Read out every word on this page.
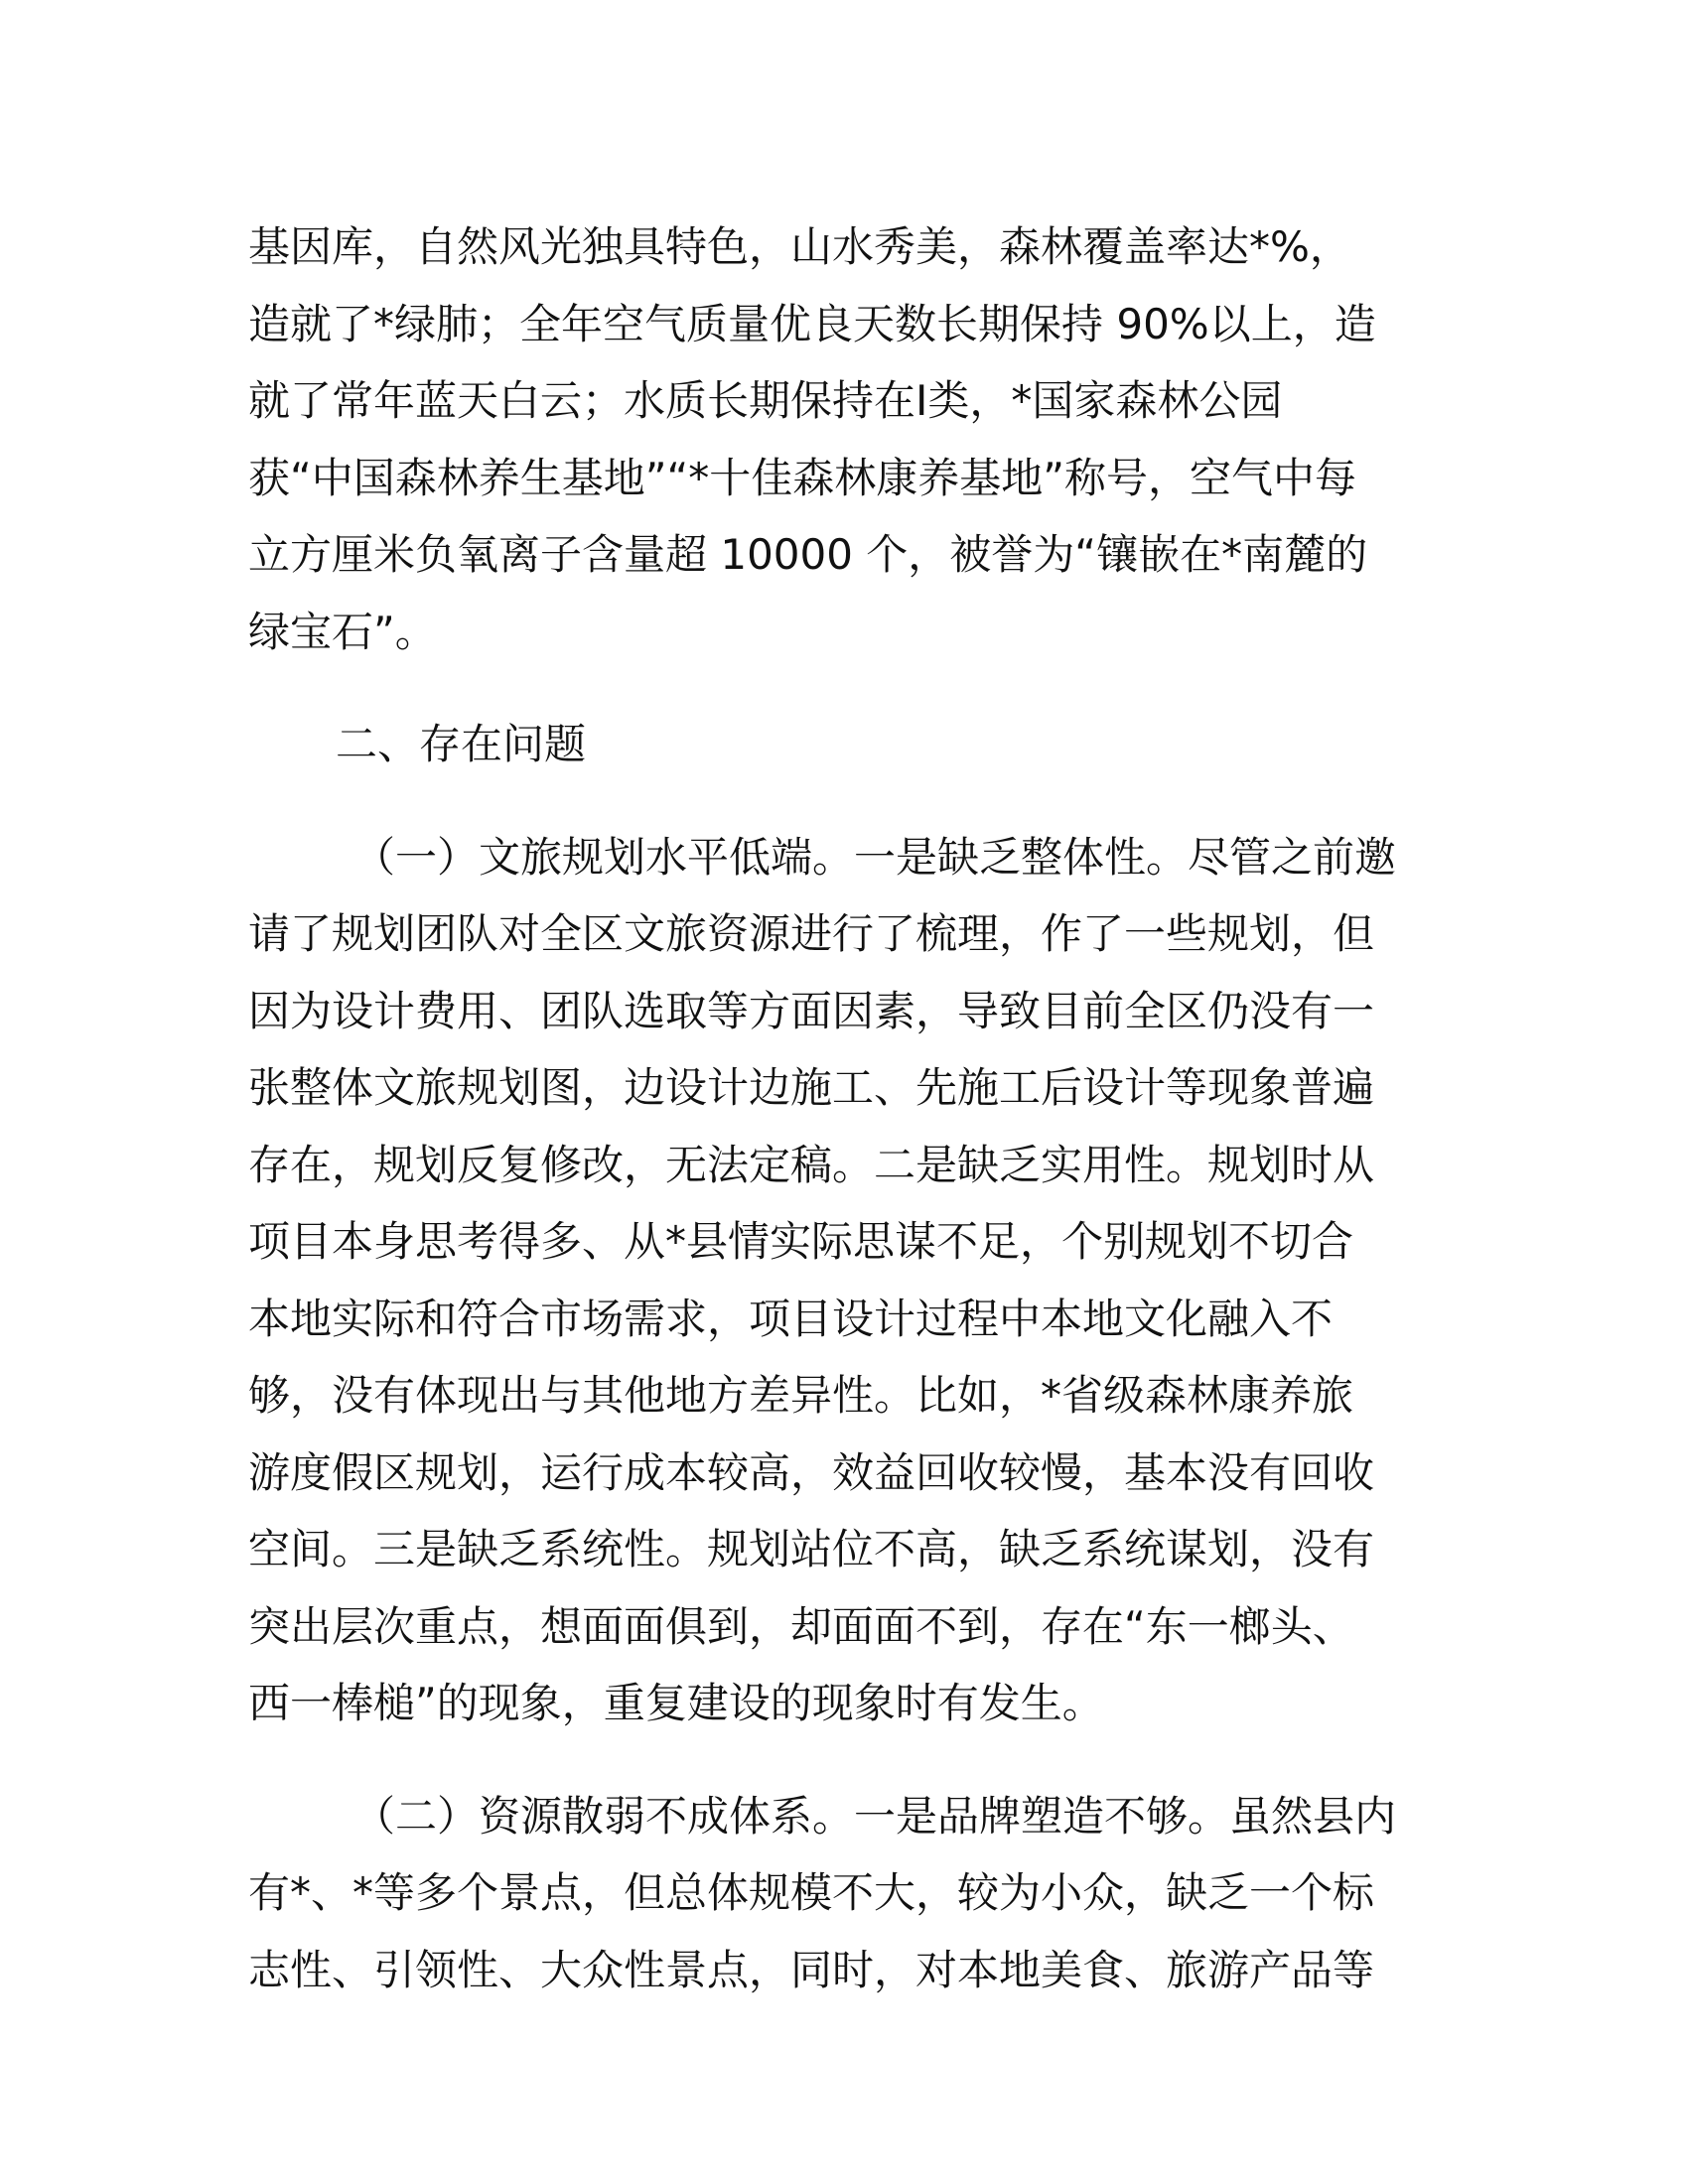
基因库，自然风光独具特色，山水秀美，森林覆盖率达*%，
造就了*绿肺；全年空气质量优良天数长期保持 90%以上，造
就了常年蓝天白云；水质长期保持在I类，*国家森林公园
获“中国森林养生基地”“*十佳森林康养基地”称号，空气中每
立方厘米负氧离子含量超 10000 个，被誉为“镶嵌在*南麓的
绿宝石”。
二、存在问题
（一）文旅规划水平低端。一是缺乏整体性。尽管之前邀
请了规划团队对全区文旅资源进行了梳理，作了一些规划，但
因为设计费用、团队选取等方面因素，导致目前全区仍没有一
张整体文旅规划图，边设计边施工、先施工后设计等现象普遍
存在，规划反复修改，无法定稿。二是缺乏实用性。规划时从
项目本身思考得多、从*县情实际思谋不足，个别规划不切合
本地实际和符合市场需求，项目设计过程中本地文化融入不
够，没有体现出与其他地方差异性。比如，*省级森林康养旅
游度假区规划，运行成本较高，效益回收较慢，基本没有回收
空间。三是缺乏系统性。规划站位不高，缺乏系统谋划，没有
突出层次重点，想面面俱到，却面面不到，存在“东一榔头、
西一棒槌”的现象，重复建设的现象时有发生。
（二）资源散弱不成体系。一是品牌塑造不够。虽然县内
有*、*等多个景点，但总体规模不大，较为小众，缺乏一个标
志性、引领性、大众性景点，同时，对本地美食、旅游产品等
